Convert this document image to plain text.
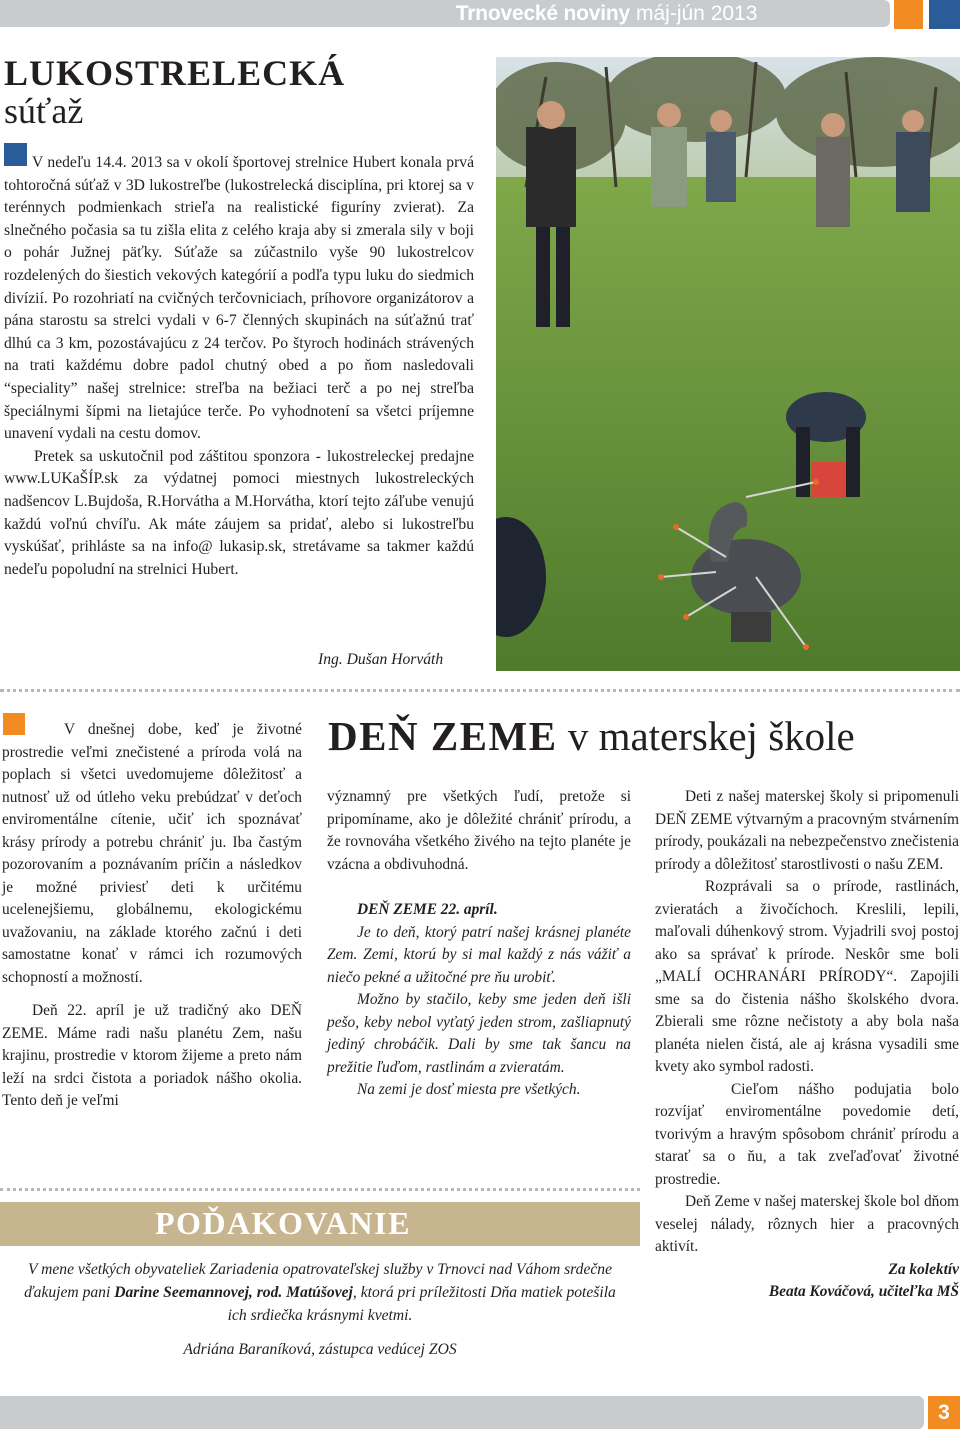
Trnovecké noviny máj-jún 2013
LUKOSTRELECKÁ
súťaž

V nedeľu 14.4. 2013 sa v okolí športovej strelnice Hubert konala prvá tohtoročná súťaž v 3D lukostreľbe (lukostrelecká disciplína, pri ktorej sa v terénnych podmienkach strieľa na realistické figuríny zvierat). Za slnečného počasia sa tu zišla elita z celého kraja aby si zmerala sily v boji o pohár Južnej päťky. Súťaže sa zúčastnilo vyše 90 lukostrelcov rozdelených do šiestich vekových kategórií a podľa typu luku do siedmich divízií. Po rozohriatí na cvičných terčovniciach, príhovore organizátorov a pána starostu sa strelci vydali v 6-7 členných skupinách na súťažnú trať dlhú ca 3 km, pozostávajúcu z 24 terčov. Po štyroch hodinách strávených na trati každému dobre padol chutný obed a po ňom nasledovali “speciality” našej strelnice: streľba na bežiaci terč a po nej streľba špeciálnymi šípmi na lietajúce terče. Po vyhodnotení sa všetci príjemne unavení vydali na cestu domov.

Pretek sa uskutočnil pod záštitou sponzora - lukostreleckej predajne www.LUKaŠÍP.sk za výdatnej pomoci miestnych lukostreleckých nadšencov L.Bujdoša, R.Horvátha a M.Horvátha, ktorí tejto záľube venujú každú voľnú chvíľu. Ak máte záujem sa pridať, alebo si lukostreľbu vyskúšať, prihláste sa na info@ lukasip.sk, stretávame sa takmer každú nedeľu popoludní na strelnici Hubert.

Ing. Dušan Horváth

V dnešnej dobe, keď je životné prostredie veľmi znečistené a príroda volá na poplach si všetci uvedomujeme dôležitosť a nutnosť už od útleho veku prebúdzať v deťoch enviromentálne cítenie, učiť ich spoznávať krásy prírody a potrebu chrániť ju. Iba častým pozorovaním a poznávaním príčin a následkov je možné priviesť deti k určitému ucelenejšiemu, globálnemu, ekologickému uvažovaniu, na základe ktorého začnú i deti samostatne konať v rámci ich rozumových schopností a možností.

Deň 22. apríl je už tradičný ako DEŇ ZEME. Máme radi našu planétu Zem, našu krajinu, prostredie v ktorom žijeme a preto nám leží na srdci čistota a poriadok nášho okolia. Tento deň je veľmi

DEŇ ZEME v materskej škole

významný pre všetkých ľudí, pretože si pripomíname, ako je dôležité chrániť prírodu, a že rovnováha všetkého živého na tejto planéte je vzácna a obdivuhodná.

DEŇ ZEME 22. apríl.

Je to deň, ktorý patrí našej krásnej planéte Zem. Zemi, ktorú by si mal každý z nás vážiť a niečo pekné a užitočné pre ňu urobiť.

Možno by stačilo, keby sme jeden deň išli pešo, keby nebol vyťatý jeden strom, zašliapnutý jediný chrobáčik. Dali by sme tak šancu na prežitie ľuďom, rastlinám a zvieratám.

Na zemi je dosť miesta pre všetkých.

Deti z našej materskej školy si pripomenuli DEŇ ZEME výtvarným a pracovným stvárnením prírody, poukázali na nebezpečenstvo znečistenia prírody a dôležitosť starostlivosti o našu ZEM.

Rozprávali sa o prírode, rastlinách, zvieratách a živočíchoch. Kreslili, lepili, maľovali dúhenkový strom. Vyjadrili svoj postoj ako sa správať k prírode. Neskôr sme boli „MALÍ OCHRANÁRI PRÍRODY“. Zapojili sme sa do čistenia nášho školského dvora. Zbierali sme rôzne nečistoty a aby bola naša planéta nielen čistá, ale aj krásna vysadili sme kvety ako symbol radosti.

Cieľom nášho podujatia bolo rozvíjať enviromentálne povedomie detí, tvorivým a hravým spôsobom chrániť prírodu a starať sa o ňu, a tak zveľaďovať životné prostredie.

Deň Zeme v našej materskej škole bol dňom veselej nálady, rôznych hier a pracovných aktivít.

Za kolektív

Beata Kováčová, učiteľka MŠ

POĎAKOVANIE
V mene všetkých obyvateliek Zariadenia opatrovateľskej služby v Trnovci nad Váhom srdečne ďakujem pani Darine Seemannovej, rod. Matúšovej, ktorá pri príležitosti Dňa matiek potešila ich srdiečka krásnymi kvetmi.
Adriána Baraníková, zástupca vedúcej ZOS
3
